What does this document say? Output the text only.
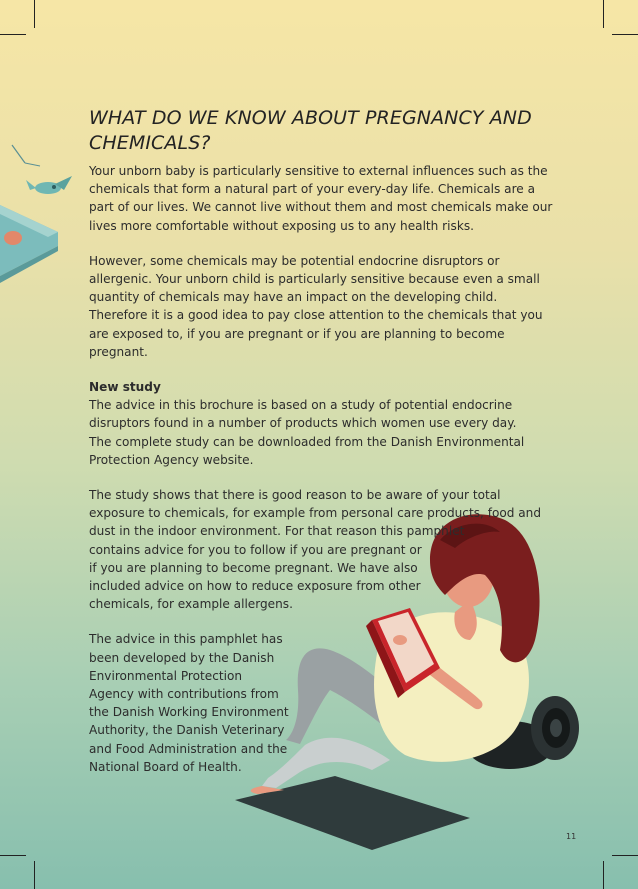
WHAT DO WE KNOW ABOUT PREGNANCY AND CHEMICALS?

Your unborn baby is particularly sensitive to external influences such as the chemicals that form a natural part of your every-day life. Chemicals are a part of our lives. We cannot live without them and most chemicals make our lives more comfortable without exposing us to any health risks.

However, some chemicals may be potential endocrine disruptors or allergenic. Your unborn child is particularly sensitive because even a small quantity of chemicals may have an impact on the developing child. Therefore it is a good idea to pay close attention to the chemicals that you are exposed to, if you are pregnant or if you are planning to become pregnant.

New study
The advice in this brochure is based on a study of potential endocrine disruptors found in a number of products which women use every day.
The complete study can be downloaded from the Danish Environmental Protection Agency website.

The study shows that there is good reason to be aware of your total exposure to chemicals, for example from personal care products, food and dust in the indoor environment. For that reason this pamphlet

contains advice for you to follow if you are pregnant or if you are planning to become pregnant. We have also included advice on how to reduce exposure from other chemicals, for example allergens.

The advice in this pamphlet has been developed by the Danish Environmental Protection Agency with contributions from the Danish Working Environment Authority, the Danish Veterinary and Food Administration and the National Board of Health.

11
